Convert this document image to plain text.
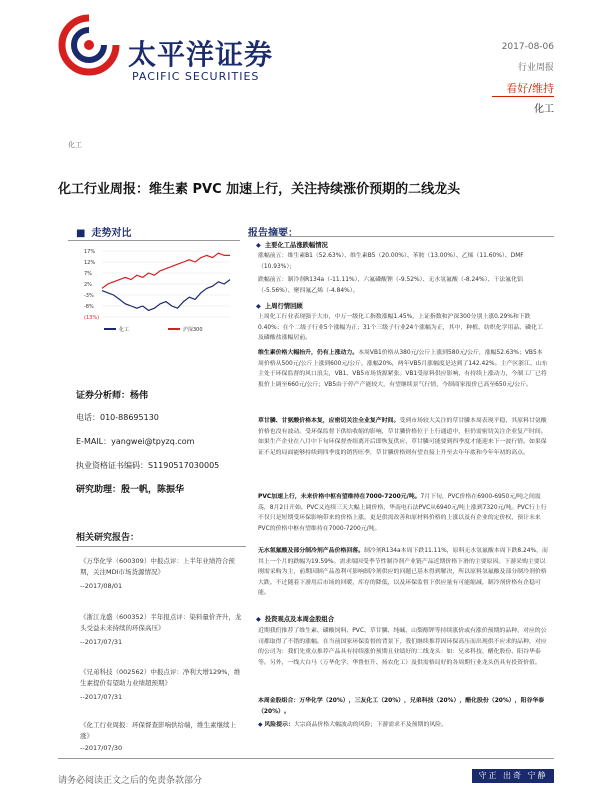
太平洋证券
PACIFIC SECURITIES
2017-08-06
行业周报
看好/维持
化工
化工
化工行业周报：维生素 PVC 加速上行，关注持续涨价预期的二线龙头
■ 走势对比
17%
12%
7%
2%
-3%
-8%
(13%)
化工	沪深300
证券分析师：杨伟
电话：010-88695130
E-MAIL：yangwei@tpyzq.com
执业资格证书编码：S1190517030005
研究助理：殷一帆，陈振华
相关研究报告：
《万华化学（600309）中报点评：上半年业绩符合预期，关注MDI市场货源情况》
--2017/08/01
《浙江龙盛（600352）半年报点评：染料量价齐升，龙头受益未来持续的环保高压》
--2017/07/31
《兄弟科技（002562）中报点评：净利大增129%，维生素提价有望助力业绩超预期》
--2017/07/31
《化工行业周报：环保督查影响供给端，维生素继续上涨》
--2017/07/30
报告摘要：
◆ 主要化工品涨跌幅情况
涨幅前五：维生素B1（52.63%）、维生素B5（20.00%）、苯胺（13.00%）、乙烯（11.60%）、DMF（10.93%）；
跌幅前五：制冷剂R134a（-11.11%）、六氟磷酸锂（-9.52%）、无水氢氟酸（-8.24%）、干法氟化铝（-5.56%）、聚四氟乙烯（-4.84%）。
◆ 上周行情回顾
上周化工行业表现强于大市，中万一级化工指数涨幅1.45%，上证指数和沪深300分别上涨0.29%和下跌0.40%；在个二级子行业5个涨幅为正；31个三级子行业24个涨幅为正，其中，种植、纺织化学用品、磷化工及磷酸盐涨幅居前。
维生素价格大幅抬升，仍有上涨动力。本周VB1价格从380元/公斤上涨到580元/公斤，涨幅52.63%；VB5本周价格从500元/公斤上涨到600元/公斤，涨幅20%，两年VB5月涨幅度是达到了142.42%。主产区浙江、山东主处于环保监督的风口浪尖，VB1、VB5市场货源紧张。VB1受原料供应影响，有持续上涨动力，今制工厂已将报价上调至660元/公斤；VB5由于停产产能较大，有望继续景气行情，今制商家报价已高至650元/公斤。
草甘膦、甘氨酸价格本复，应密切关注全业复产时间。受到市场较大关注的草甘膦本周表现平稳，其原料甘氨酸价格也没有波动。受环保监督下供给收缩的影响，草甘膦价格位于上行通道中，但仍需密切关注企业复产时间。如果生产企业在八月中下旬环保督查组离开后即恢复供应，草甘膦可能要到四季度才能迎来下一波行情。如果保证不足的局面能够持续到四季度的销售旺季，草甘膦价格则有望直接上升至去年年底和今年年初的高点。
PVC加速上行，未来价格中枢有望维持在7000-7200元/吨。7月下旬，PVC价格在6900-6950元/吨之间震荡，8月2日开始，PVC又连续三天大幅上调价格，华南电石法PVC从6940元/吨上涨到7320元/吨。PVC行上行不仅只是短期受环保影响带来的价格上涨，更是供需改善和原材料价格的上涨以及有企业的定价权，预计未来PVC的价格中枢有望维持在7000-7200元/吨。
无水氢氟酸及部分制冷剂产品价格回落。制冷剂R134a本周下跌11.11%，原料无水氢氟酸本周下跌8.24%，而其上一个月的跌幅为19.59%。需求端因受季节性制冷剂产业链产品近期价格下滑的主要原因。下游采购主要以刚需采购为主，前期因制产品盈利可影响制冷剂供应的问题已基本得到解决，所以原料氢氟酸及部分制冷剂价格大跌。不过随着下游用后市场的回暖，库存的降低，以及环保监督下供应量有可能缩减，制冷剂价格有企稳可能。
◆ 投资观点及本周金股组合
近期我们推荐了维生素、磷酸饲料、PVC、草甘膦、纯碱、山梨醇钾等持续涨价或有涨价预期的品种，对应的公司都取得了不错的涨幅。在当前国家环保监督的背景下，我们继续推荐因环保高压而出现供不应求的品种，对应的公司为：我们先重点推荐产品具有持续涨价预期且业绩好的二线龙头：如：兄弟科技、醋化股份、阳谷华泰等。另外，一线大白马（万华化学、华鲁恒升、扬农化工）及供需格局好的各周期行业龙头仍具有投资价值。
本周金股组合：万华化学（20%），三友化工（20%），兄弟科技（20%），醋化股份（20%），阳谷华泰（20%）。
◆ 风险提示：大宗商品价格大幅波动的风险；下游需求不及预期的风险。
请务必阅读正文之后的免责条款部分
守正 出奇 宁静 致远
